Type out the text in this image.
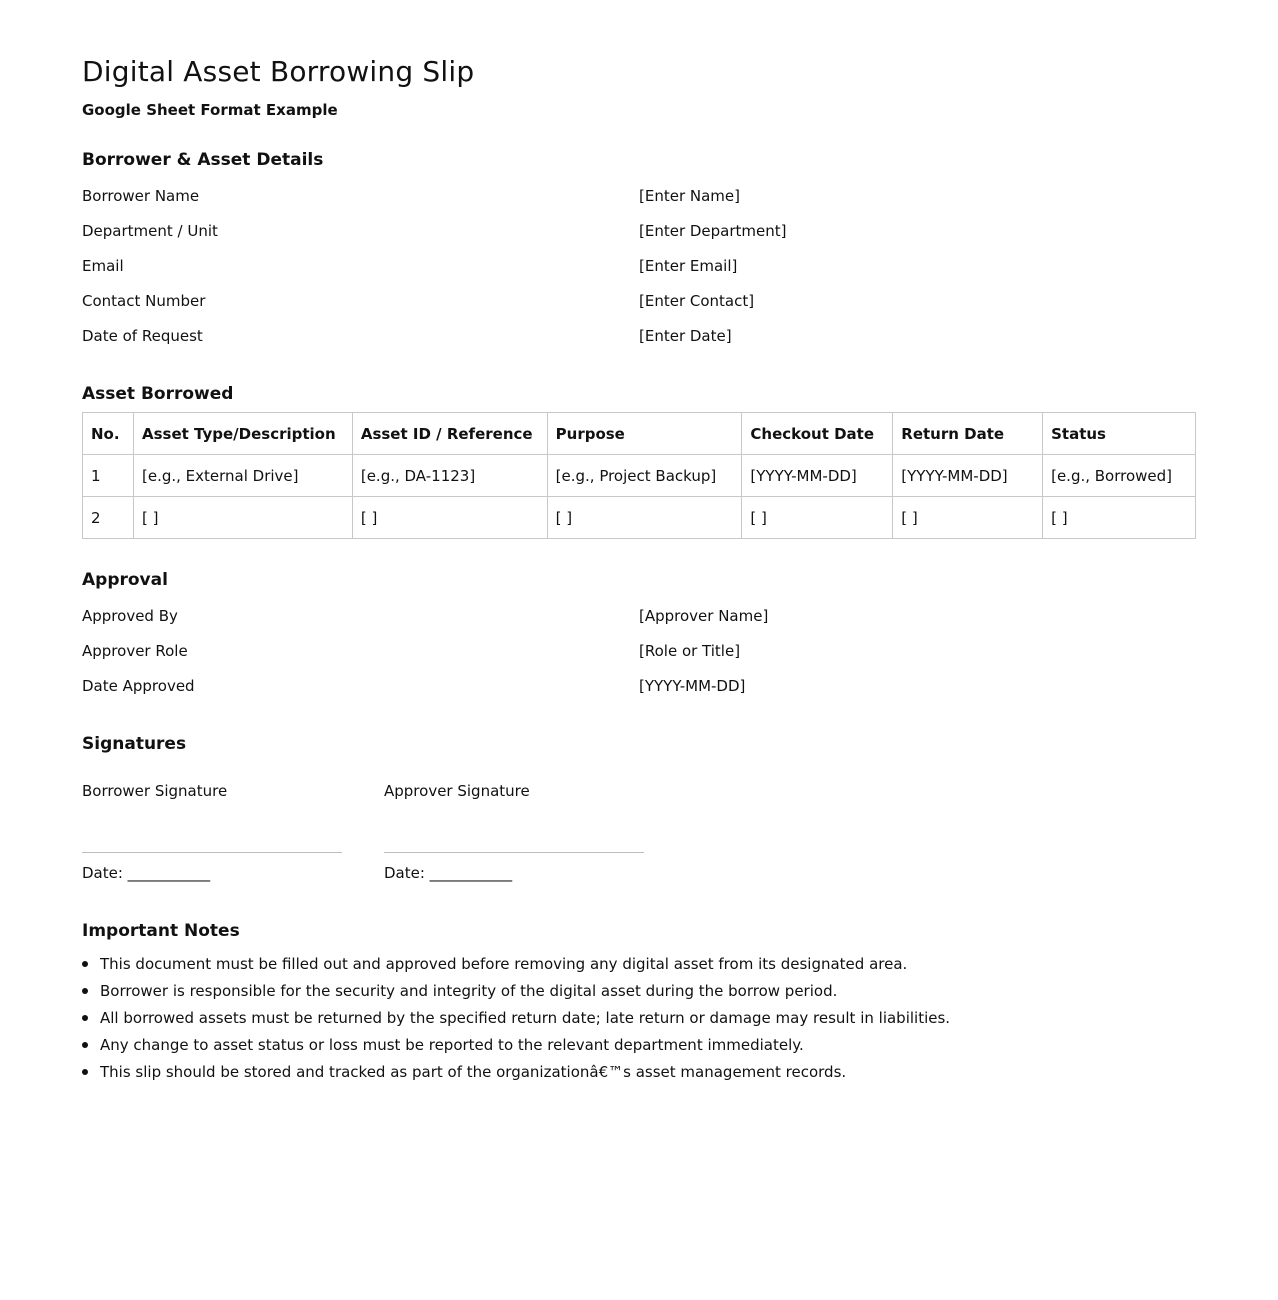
Digital Asset Borrowing Slip
Google Sheet Format Example
Borrower & Asset Details
Borrower Name	[Enter Name]
Department / Unit	[Enter Department]
Email	[Enter Email]
Contact Number	[Enter Contact]
Date of Request	[Enter Date]
Asset Borrowed
No.	Asset Type/Description	Asset ID / Reference	Purpose	Checkout Date	Return Date	Status
1	[e.g., External Drive]	[e.g., DA-1123]	[e.g., Project Backup]	[YYYY-MM-DD]	[YYYY-MM-DD]	[e.g., Borrowed]
2	[ ]	[ ]	[ ]	[ ]	[ ]	[ ]
Approval
Approved By	[Approver Name]
Approver Role	[Role or Title]
Date Approved	[YYYY-MM-DD]
Signatures
Borrower Signature
Date: ___________
Approver Signature
Date: ___________
Important Notes
This document must be filled out and approved before removing any digital asset from its designated area.
Borrower is responsible for the security and integrity of the digital asset during the borrow period.
All borrowed assets must be returned by the specified return date; late return or damage may result in liabilities.
Any change to asset status or loss must be reported to the relevant department immediately.
This slip should be stored and tracked as part of the organizationâ€™s asset management records.
